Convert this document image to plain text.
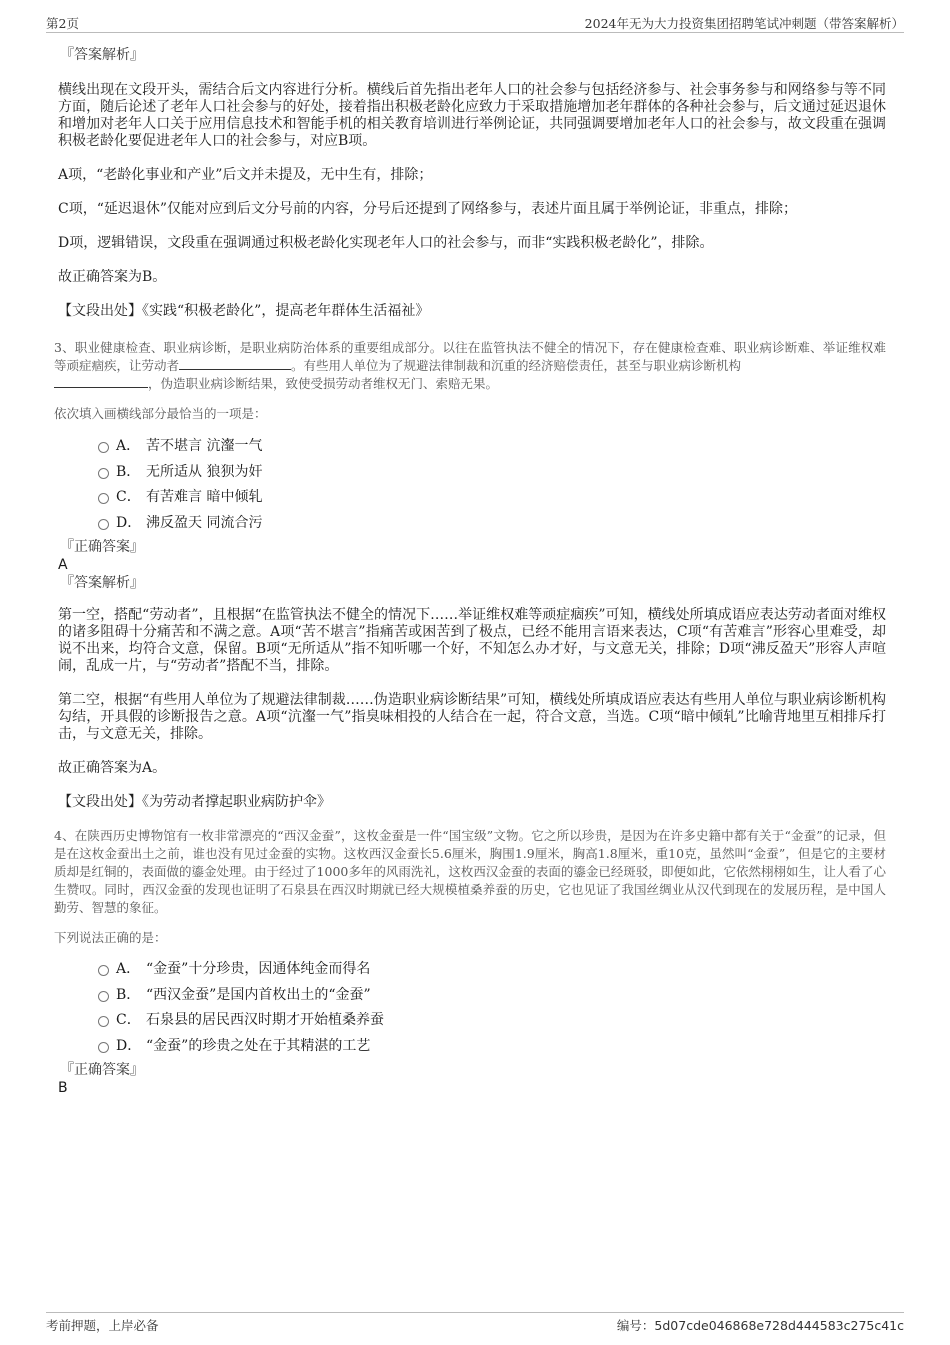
第2页	2024年无为大力投资集团招聘笔试冲刺题（带答案解析）
『答案解析』
横线出现在文段开头，需结合后文内容进行分析。横线后首先指出老年人口的社会参与包括经济参与、社会事务参与和网络参与等不同方面，随后论述了老年人口社会参与的好处，接着指出积极老龄化应致力于采取措施增加老年群体的各种社会参与，后文通过延迟退休和增加对老年人口关于应用信息技术和智能手机的相关教育培训进行举例论证，共同强调要增加老年人口的社会参与，故文段重在强调积极老龄化要促进老年人口的社会参与，对应B项。
A项，“老龄化事业和产业”后文并未提及，无中生有，排除；
C项，“延迟退休”仅能对应到后文分号前的内容，分号后还提到了网络参与，表述片面且属于举例论证，非重点，排除；
D项，逻辑错误，文段重在强调通过积极老龄化实现老年人口的社会参与，而非“实践积极老龄化”，排除。
故正确答案为B。
【文段出处】《实践“积极老龄化”，提高老年群体生活福祉》
3、职业健康检查、职业病诊断，是职业病防治体系的重要组成部分。以往在监管执法不健全的情况下，存在健康检查难、职业病诊断难、举证维权难等顽症痼疾，让劳动者	。有些用人单位为了规避法律制裁和沉重的经济赔偿责任，甚至与职业病诊断机构
，伪造职业病诊断结果，致使受损劳动者维权无门、索赔无果。
依次填入画横线部分最恰当的一项是：
A． 苦不堪言 沆瀣一气
B． 无所适从 狼狈为奸
C． 有苦难言 暗中倾轧
D． 沸反盈天 同流合污
『正确答案』
A
『答案解析』
第一空，搭配“劳动者”，且根据“在监管执法不健全的情况下……举证维权难等顽症痼疾”可知，横线处所填成语应表达劳动者面对维权的诸多阻碍十分痛苦和不满之意。A项“苦不堪言”指痛苦或困苦到了极点，已经不能用言语来表达，C项“有苦难言”形容心里难受，却说不出来，均符合文意，保留。B项“无所适从”指不知听哪一个好，不知怎么办才好，与文意无关，排除；D项“沸反盈天”形容人声喧闹，乱成一片，与“劳动者”搭配不当，排除。
第二空，根据“有些用人单位为了规避法律制裁……伪造职业病诊断结果”可知，横线处所填成语应表达有些用人单位与职业病诊断机构勾结，开具假的诊断报告之意。A项“沆瀣一气”指臭味相投的人结合在一起，符合文意，当选。C项“暗中倾轧”比喻背地里互相排斥打击，与文意无关，排除。
故正确答案为A。
【文段出处】《为劳动者撑起职业病防护伞》
4、在陕西历史博物馆有一枚非常漂亮的“西汉金蚕”，这枚金蚕是一件“国宝级”文物。它之所以珍贵，是因为在许多史籍中都有关于“金蚕”的记录，但是在这枚金蚕出土之前，谁也没有见过金蚕的实物。这枚西汉金蚕长5.6厘米，胸围1.9厘米，胸高1.8厘米，重10克，虽然叫“金蚕”，但是它的主要材质却是红铜的，表面做的鎏金处理。由于经过了1000多年的风雨洗礼，这枚西汉金蚕的表面的鎏金已经斑驳，即便如此，它依然栩栩如生，让人看了心生赞叹。同时，西汉金蚕的发现也证明了石泉县在西汉时期就已经大规模植桑养蚕的历史，它也见证了我国丝绸业从汉代到现在的发展历程，是中国人勤劳、智慧的象征。
下列说法正确的是：
A． “金蚕”十分珍贵，因通体纯金而得名
B． “西汉金蚕”是国内首枚出土的“金蚕”
C． 石泉县的居民西汉时期才开始植桑养蚕
D． “金蚕”的珍贵之处在于其精湛的工艺
『正确答案』
B
考前押题，上岸必备	编号：5d07cde046868e728d444583c275c41c
